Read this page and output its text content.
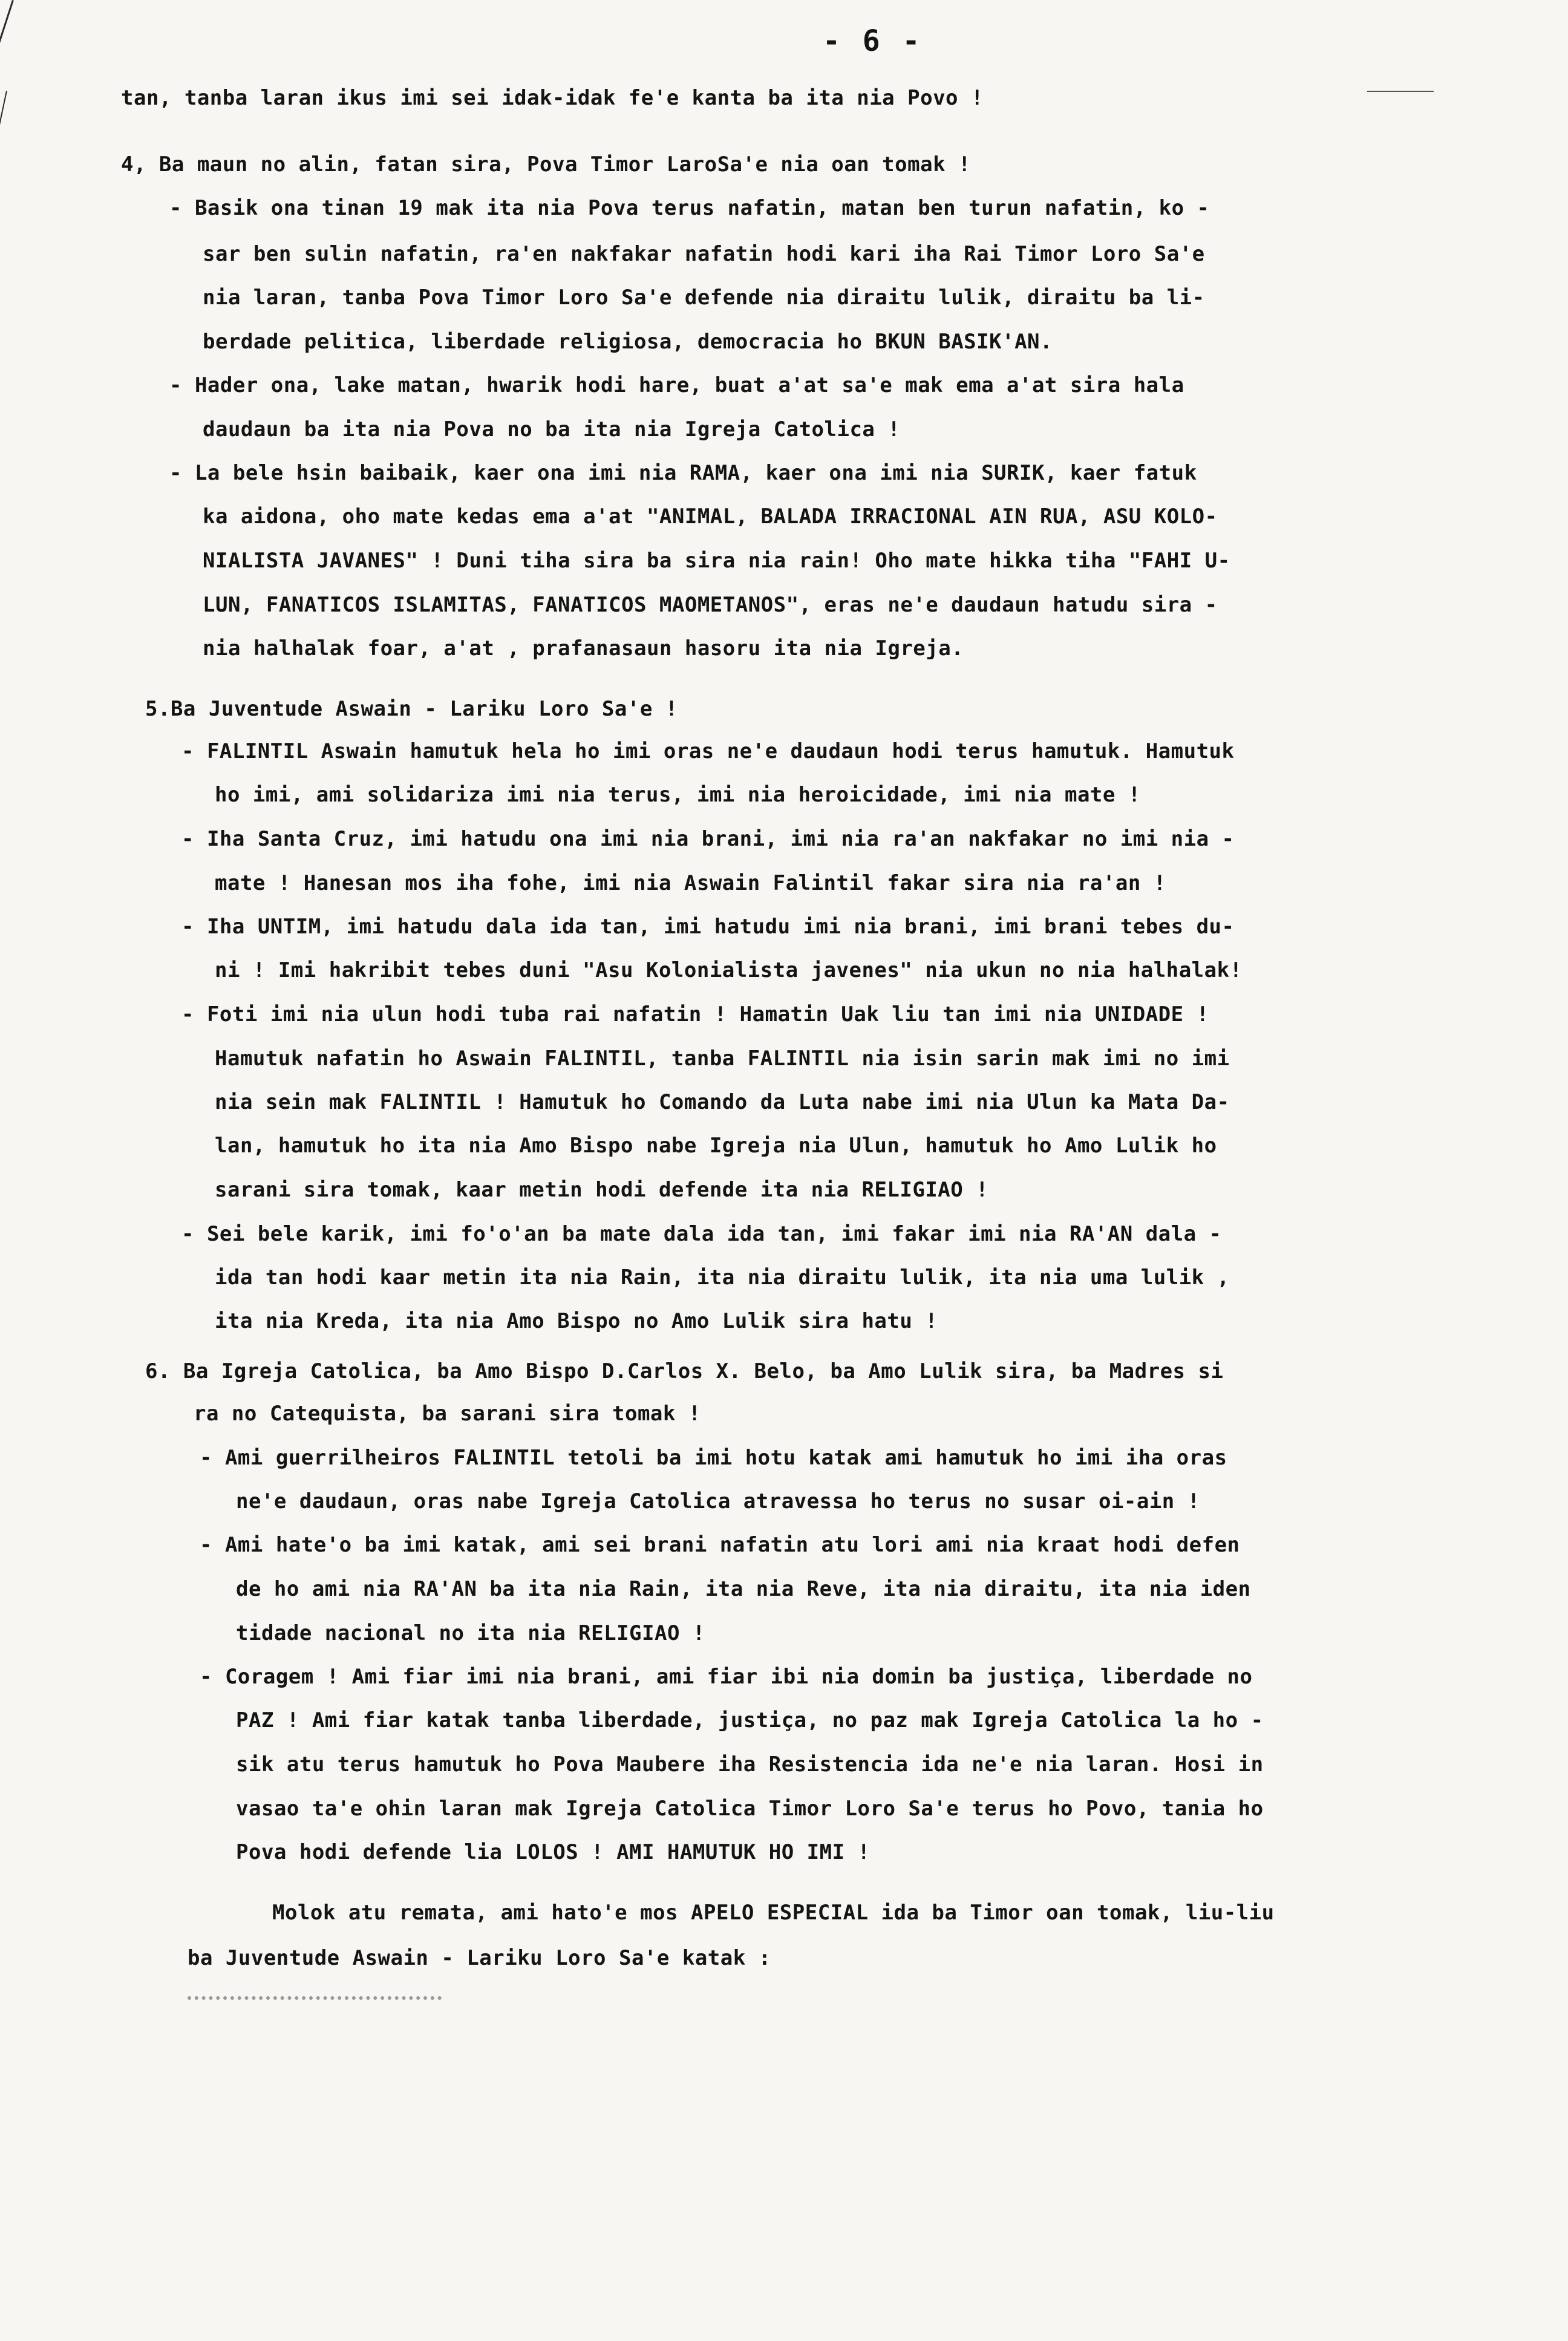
- 6 -
tan, tanba laran ikus imi sei idak-idak fe'e kanta ba ita nia Povo !
4, Ba maun no alin, fatan sira, Pova Timor LaroSa'e nia oan tomak !
- Basik ona tinan 19 mak ita nia Pova terus nafatin, matan ben turun nafatin, ko -
sar ben sulin nafatin, ra'en nakfakar nafatin hodi kari iha Rai Timor Loro Sa'e
nia laran, tanba Pova Timor Loro Sa'e defende nia diraitu lulik, diraitu ba li-
berdade pelitica, liberdade religiosa, democracia ho BKUN BASIK'AN.
- Hader ona, lake matan, hwarik hodi hare, buat a'at sa'e mak ema a'at sira hala
daudaun ba ita nia Pova no ba ita nia Igreja Catolica !
- La bele hsin baibaik, kaer ona imi nia RAMA, kaer ona imi nia SURIK, kaer fatuk
ka aidona, oho mate kedas ema a'at "ANIMAL, BALADA IRRACIONAL AIN RUA, ASU KOLO-
NIALISTA JAVANES" ! Duni tiha sira ba sira nia rain! Oho mate hikka tiha "FAHI U-
LUN, FANATICOS ISLAMITAS, FANATICOS MAOMETANOS", eras ne'e daudaun hatudu sira -
nia halhalak foar, a'at , prafanasaun hasoru ita nia Igreja.
5.Ba Juventude Aswain - Lariku Loro Sa'e !
- FALINTIL Aswain hamutuk hela ho imi oras ne'e daudaun hodi terus hamutuk. Hamutuk
ho imi, ami solidariza imi nia terus, imi nia heroicidade, imi nia mate !
- Iha Santa Cruz, imi hatudu ona imi nia brani, imi nia ra'an nakfakar no imi nia -
mate ! Hanesan mos iha fohe, imi nia Aswain Falintil fakar sira nia ra'an !
- Iha UNTIM, imi hatudu dala ida tan, imi hatudu imi nia brani, imi brani tebes du-
ni ! Imi hakribit tebes duni "Asu Kolonialista javenes" nia ukun no nia halhalak!
- Foti imi nia ulun hodi tuba rai nafatin ! Hamatin Uak liu tan imi nia UNIDADE !
Hamutuk nafatin ho Aswain FALINTIL, tanba FALINTIL nia isin sarin mak imi no imi
nia sein mak FALINTIL ! Hamutuk ho Comando da Luta nabe imi nia Ulun ka Mata Da-
lan, hamutuk ho ita nia Amo Bispo nabe Igreja nia Ulun, hamutuk ho Amo Lulik ho
sarani sira tomak, kaar metin hodi defende ita nia RELIGIAO !
- Sei bele karik, imi fo'o'an ba mate dala ida tan, imi fakar imi nia RA'AN dala -
ida tan hodi kaar metin ita nia Rain, ita nia diraitu lulik, ita nia uma lulik ,
ita nia Kreda, ita nia Amo Bispo no Amo Lulik sira hatu !
6. Ba Igreja Catolica, ba Amo Bispo D.Carlos X. Belo, ba Amo Lulik sira, ba Madres si
ra no Catequista, ba sarani sira tomak !
- Ami guerrilheiros FALINTIL tetoli ba imi hotu katak ami hamutuk ho imi iha oras
ne'e daudaun, oras nabe Igreja Catolica atravessa ho terus no susar oi-ain !
- Ami hate'o ba imi katak, ami sei brani nafatin atu lori ami nia kraat hodi defen
de ho ami nia RA'AN ba ita nia Rain, ita nia Reve, ita nia diraitu, ita nia iden
tidade nacional no ita nia RELIGIAO !
- Coragem ! Ami fiar imi nia brani, ami fiar ibi nia domin ba justiça, liberdade no
PAZ ! Ami fiar katak tanba liberdade, justiça, no paz mak Igreja Catolica la ho -
sik atu terus hamutuk ho Pova Maubere iha Resistencia ida ne'e nia laran. Hosi in
vasao ta'e ohin laran mak Igreja Catolica Timor Loro Sa'e terus ho Povo, tania ho
Pova hodi defende lia LOLOS ! AMI HAMUTUK HO IMI !
Molok atu remata, ami hato'e mos APELO ESPECIAL ida ba Timor oan tomak, liu-liu
ba Juventude Aswain - Lariku Loro Sa'e katak :
